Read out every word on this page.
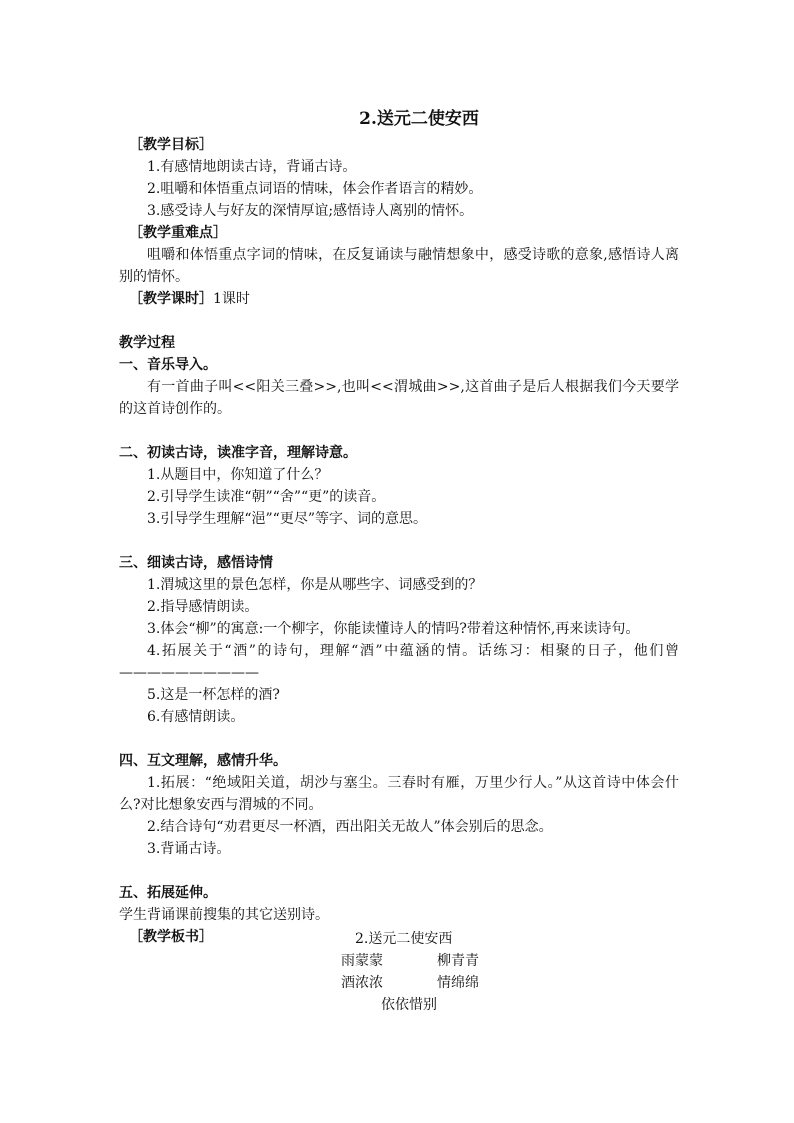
2.送元二使安西
［教学目标］
1.有感情地朗读古诗，背诵古诗。
2.咀嚼和体悟重点词语的情味，体会作者语言的精妙。
3.感受诗人与好友的深情厚谊;感悟诗人离别的情怀。
［教学重难点］
咀嚼和体悟重点字词的情味，在反复诵读与融情想象中，感受诗歌的意象,感悟诗人离别的情怀。
［教学课时］1课时
教学过程
一、音乐导入。
有一首曲子叫<<阳关三叠>>,也叫<<渭城曲>>,这首曲子是后人根据我们今天要学的这首诗创作的。
二、初读古诗，读准字音，理解诗意。
1.从题目中，你知道了什么？
2.引导学生读准“朝”“舍”“更”的读音。
3.引导学生理解“浥”“更尽”等字、词的意思。
三、细读古诗，感悟诗情
1.渭城这里的景色怎样，你是从哪些字、词感受到的？
2.指导感情朗读。
3.体会“柳”的寓意:一个柳字，你能读懂诗人的情吗?带着这种情怀,再来读诗句。
4.拓展关于“酒”的诗句，理解“酒”中蕴涵的情。话练习：相聚的日子，他们曾——————————
5.这是一杯怎样的酒?
6.有感情朗读。
四、互文理解，感情升华。
1.拓展：“绝域阳关道，胡沙与塞尘。三春时有雁，万里少行人。”从这首诗中体会什么?对比想象安西与渭城的不同。
2.结合诗句“劝君更尽一杯酒，西出阳关无故人”体会别后的思念。
3.背诵古诗。
五、拓展延伸。
学生背诵课前搜集的其它送别诗。
［教学板书］	2.送元二使安西
雨蒙蒙	柳青青
酒浓浓	情绵绵
依依惜别
